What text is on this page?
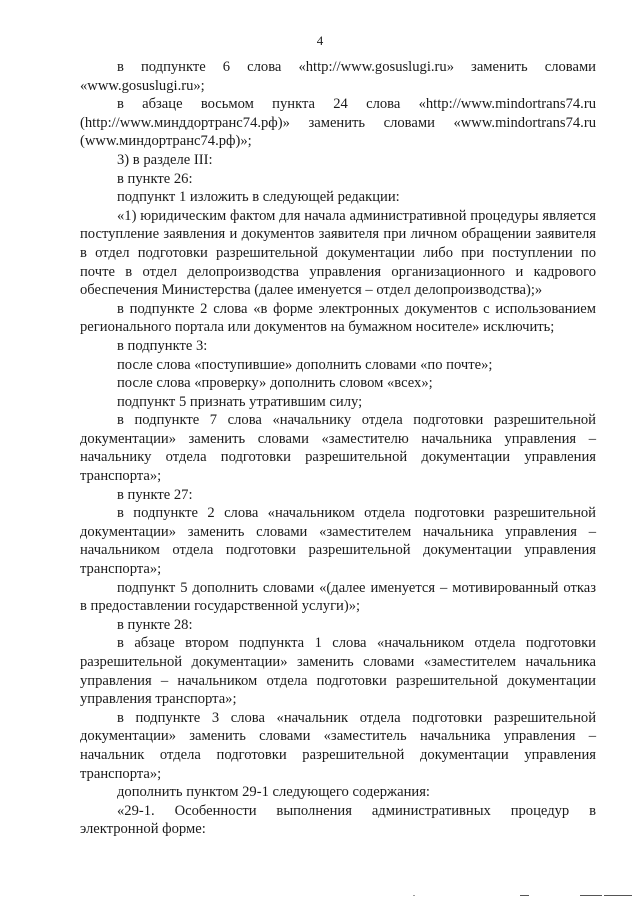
4

в подпункте 6 слова «http://www.gosuslugi.ru» заменить словами «www.gosuslugi.ru»;

в абзаце восьмом пункта 24 слова «http://www.mindortrans74.ru (http://www.минддортранс74.рф)» заменить словами «www.mindortrans74.ru (www.миндортранс74.рф)»;

3) в разделе III:

в пункте 26:

подпункт 1 изложить в следующей редакции:

«1) юридическим фактом для начала административной процедуры является поступление заявления и документов заявителя при личном обращении заявителя в отдел подготовки разрешительной документации либо при поступлении по почте в отдел делопроизводства управления организационного и кадрового обеспечения Министерства (далее именуется – отдел делопроизводства);»

в подпункте 2 слова «в форме электронных документов с использованием регионального портала или документов на бумажном носителе» исключить;

в подпункте 3:

после слова «поступившие» дополнить словами «по почте»;

после слова «проверку» дополнить словом «всех»;

подпункт 5 признать утратившим силу;

в подпункте 7 слова «начальнику отдела подготовки разрешительной документации» заменить словами «заместителю начальника управления – начальнику отдела подготовки разрешительной документации управления транспорта»;

в пункте 27:

в подпункте 2 слова «начальником отдела подготовки разрешительной документации» заменить словами «заместителем начальника управления – начальником отдела подготовки разрешительной документации управления транспорта»;

подпункт 5 дополнить словами «(далее именуется – мотивированный отказ в предоставлении государственной услуги)»;

в пункте 28:

в абзаце втором подпункта 1 слова «начальником отдела подготовки разрешительной документации» заменить словами «заместителем начальника управления – начальником отдела подготовки разрешительной документации управления транспорта»;

в подпункте 3 слова «начальник отдела подготовки разрешительной документации» заменить словами «заместитель начальника управления – начальник отдела подготовки разрешительной документации управления транспорта»;

дополнить пунктом 29-1 следующего содержания:

«29-1. Особенности выполнения административных процедур в электронной форме:
